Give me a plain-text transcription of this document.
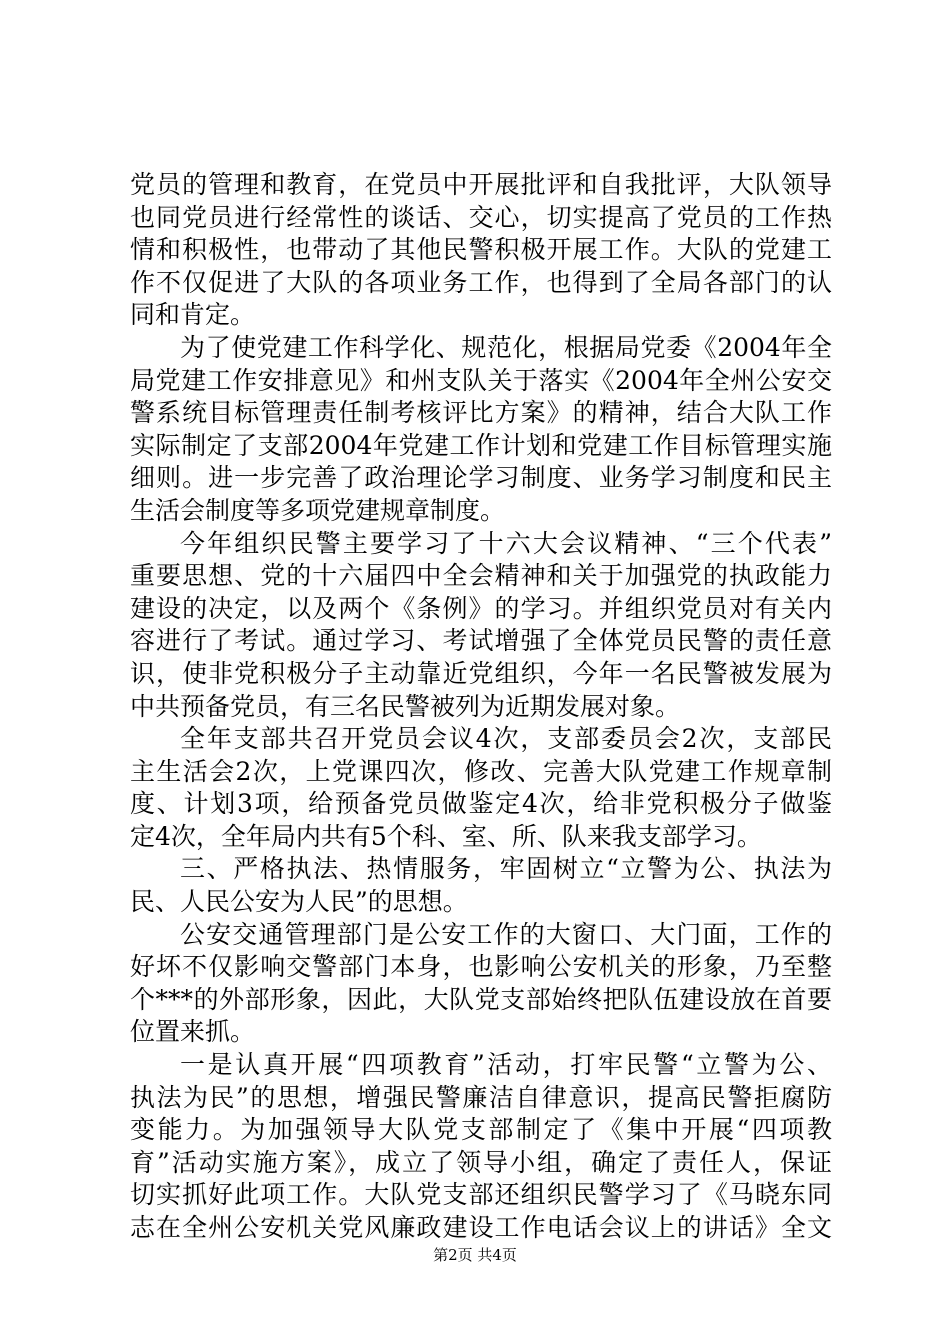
党员的管理和教育，在党员中开展批评和自我批评，大队领导
也同党员进行经常性的谈话、交心，切实提高了党员的工作热
情和积极性，也带动了其他民警积极开展工作。大队的党建工
作不仅促进了大队的各项业务工作，也得到了全局各部门的认
同和肯定。
为了使党建工作科学化、规范化，根据局党委《2004年全
局党建工作安排意见》和州支队关于落实《2004年全州公安交
警系统目标管理责任制考核评比方案》的精神，结合大队工作
实际制定了支部2004年党建工作计划和党建工作目标管理实施
细则。进一步完善了政治理论学习制度、业务学习制度和民主
生活会制度等多项党建规章制度。
今年组织民警主要学习了十六大会议精神、“三个代表”
重要思想、党的十六届四中全会精神和关于加强党的执政能力
建设的决定，以及两个《条例》的学习。并组织党员对有关内
容进行了考试。通过学习、考试增强了全体党员民警的责任意
识，使非党积极分子主动靠近党组织，今年一名民警被发展为
中共预备党员，有三名民警被列为近期发展对象。
全年支部共召开党员会议4次，支部委员会2次，支部民
主生活会2次，上党课四次，修改、完善大队党建工作规章制
度、计划3项，给预备党员做鉴定4次，给非党积极分子做鉴
定4次，全年局内共有5个科、室、所、队来我支部学习。
三、严格执法、热情服务，牢固树立“立警为公、执法为
民、人民公安为人民”的思想。
公安交通管理部门是公安工作的大窗口、大门面，工作的
好坏不仅影响交警部门本身，也影响公安机关的形象，乃至整
个***的外部形象，因此，大队党支部始终把队伍建设放在首要
位置来抓。
一是认真开展“四项教育”活动，打牢民警“立警为公、
执法为民”的思想，增强民警廉洁自律意识，提高民警拒腐防
变能力。为加强领导大队党支部制定了《集中开展“四项教
育”活动实施方案》，成立了领导小组，确定了责任人，保证
切实抓好此项工作。大队党支部还组织民警学习了《马晓东同
志在全州公安机关党风廉政建设工作电话会议上的讲话》全文
第2页 共4页
